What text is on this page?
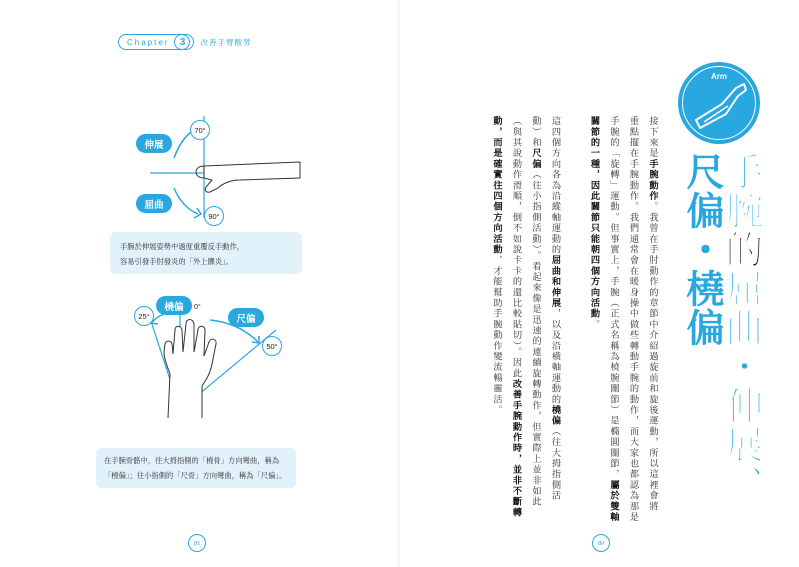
Chapter	3	改善手臂酸勞
伸展
屈曲
70°
90°
手腕於伸展姿勢中過度重覆反手動作，
容易引發手肘發炎的「外上髁炎」。
橈偏
尺偏
25°
50°
0°
在手腕骨骼中，往大拇指側的「橈骨」方向彎曲，稱為
「橈偏」；往小指側的「尺骨」方向彎曲，稱為「尺偏」。
81	80
Arm
手腕的屈曲・伸展、
尺偏・橈偏
接下來是手腕動作。我曾在手肘動作的章節中介紹過旋前和旋後運動，所以這裡會將
重點擺在手腕動作。我們通常會在暖身操中做些轉動手腕的動作，而大家也都認為那是
手腕的「旋轉」運動。但事實上，手腕（正式名稱為橈腕關節）是橢圓關節，屬於雙軸
關節的一種，因此關節只能朝四個方向活動。
這四個方向各為沿縱軸運動的屈曲和伸展，以及沿橫軸運動的橈偏（往大拇指側活
動）和尺偏（往小指側活動）。看起來像是迅速的連續旋轉動作，但實際上並非如此
（與其說動作滑順，倒不如說卡卡的還比較貼切）。因此改善手腕動作時，並非不斷轉
動，而是確實往四個方向活動，才能幫助手腕動作變流暢靈活。
